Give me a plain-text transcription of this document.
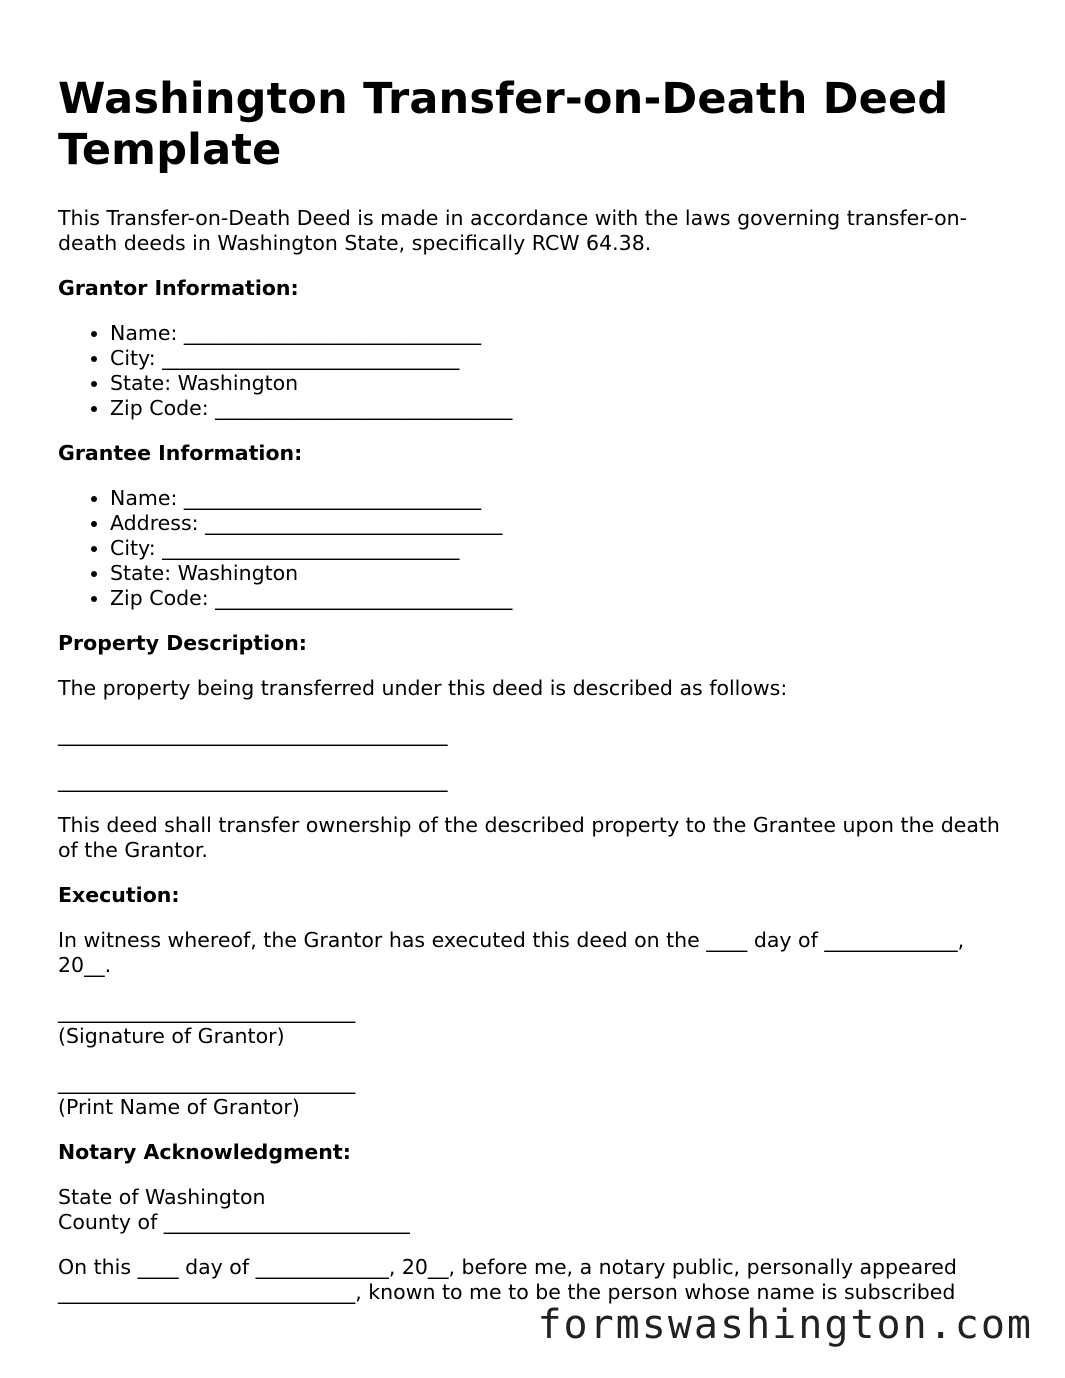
Washington Transfer-on-Death Deed Template

This Transfer-on-Death Deed is made in accordance with the laws governing transfer-on-death deeds in Washington State, specifically RCW 64.38.

Grantor Information:
• Name: _____________________________
• City: _____________________________
• State: Washington
• Zip Code: _____________________________
Grantee Information:
• Name: _____________________________
• Address: _____________________________
• City: _____________________________
• State: Washington
• Zip Code: _____________________________
Property Description:

The property being transferred under this deed is described as follows:

______________________________________

______________________________________

This deed shall transfer ownership of the described property to the Grantee upon the death of the Grantor.

Execution:

In witness whereof, the Grantor has executed this deed on the ____ day of _____________, 20__.

_____________________________

(Signature of Grantor)

_____________________________

(Print Name of Grantor)

Notary Acknowledgment:

State of Washington

County of ________________________

On this ____ day of _____________, 20__, before me, a notary public, personally appeared _____________________________, known to me to be the person whose name is subscribed

formswashington.com
